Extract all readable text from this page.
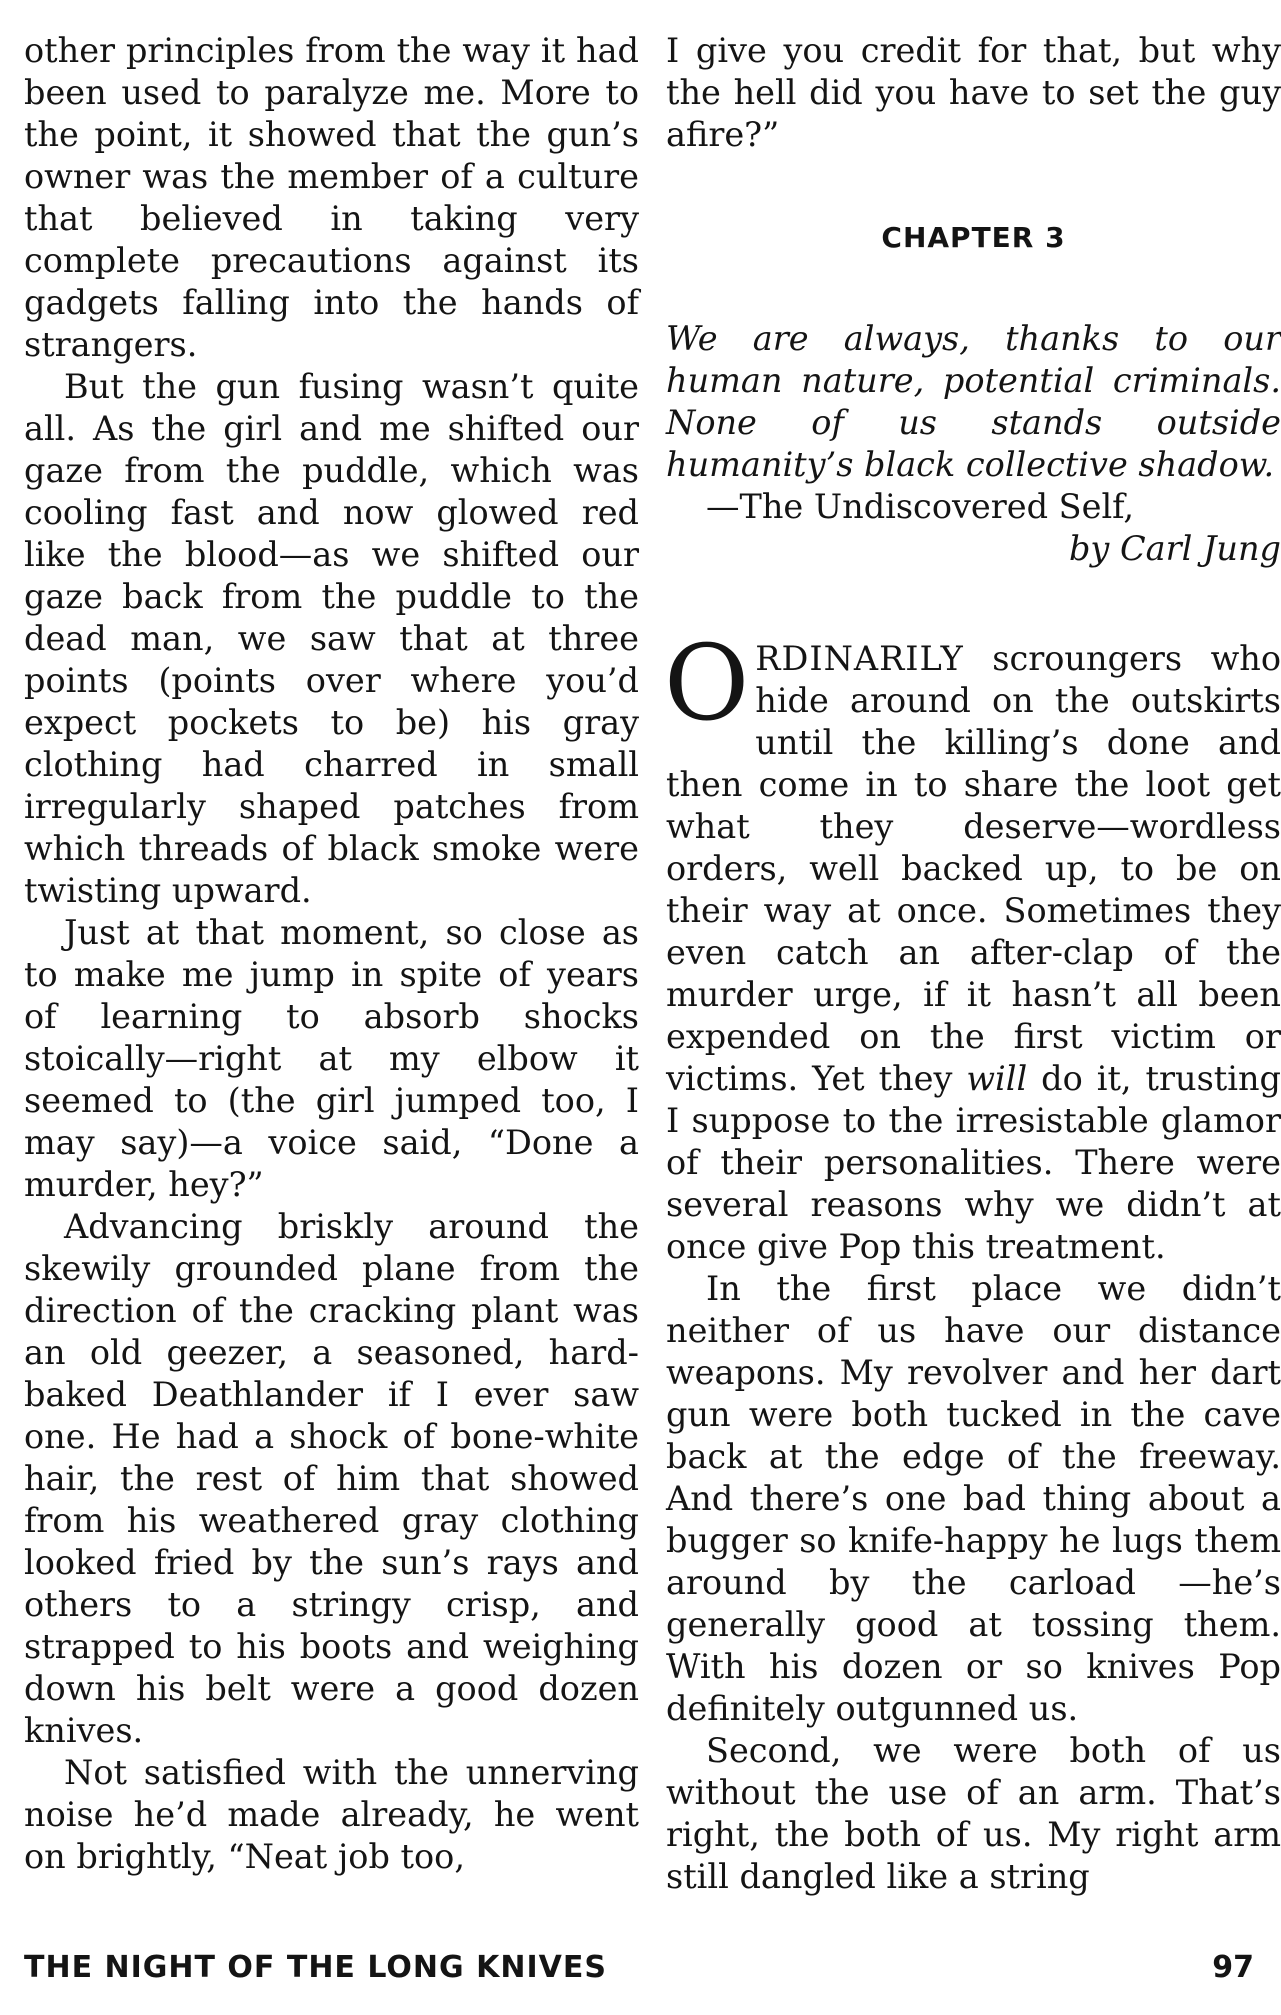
other principles from the way it had been used to paralyze me. More to the point, it showed that the gun’s owner was the member of a culture that believed in taking very complete precautions against its gadgets falling into the hands of strangers.

But the gun fusing wasn’t quite all. As the girl and me shifted our gaze from the puddle, which was cooling fast and now glowed red like the blood—as we shifted our gaze back from the puddle to the dead man, we saw that at three points (points over where you’d expect pockets to be) his gray clothing had charred in small irregularly shaped patches from which threads of black smoke were twisting upward.

Just at that moment, so close as to make me jump in spite of years of learning to absorb shocks stoically—right at my elbow it seemed to (the girl jumped too, I may say)—a voice said, “Done a murder, hey?”

Advancing briskly around the skewily grounded plane from the direction of the cracking plant was an old geezer, a seasoned, hard-baked Deathlander if I ever saw one. He had a shock of bone-white hair, the rest of him that showed from his weathered gray clothing looked fried by the sun’s rays and others to a stringy crisp, and strapped to his boots and weighing down his belt were a good dozen knives.

Not satisfied with the unnerving noise he’d made already, he went on brightly, “Neat job too,

I give you credit for that, but why the hell did you have to set the guy afire?”

CHAPTER 3

We are always, thanks to our human nature, potential criminals. None of us stands outside humanity’s black collective shadow.

—The Undiscovered Self,
by Carl Jung

ORDINARILY scroungers who hide around on the outskirts until the killing’s done and then come in to share the loot get what they deserve—wordless orders, well backed up, to be on their way at once. Sometimes they even catch an after-clap of the murder urge, if it hasn’t all been expended on the first victim or victims. Yet they will do it, trusting I suppose to the irresistable glamor of their personalities. There were several reasons why we didn’t at once give Pop this treatment.

In the first place we didn’t neither of us have our distance weapons. My revolver and her dart gun were both tucked in the cave back at the edge of the freeway. And there’s one bad thing about a bugger so knife-happy he lugs them around by the carload —he’s generally good at tossing them. With his dozen or so knives Pop definitely outgunned us.

Second, we were both of us without the use of an arm. That’s right, the both of us. My right arm still dangled like a string

THE NIGHT OF THE LONG KNIVES	97
